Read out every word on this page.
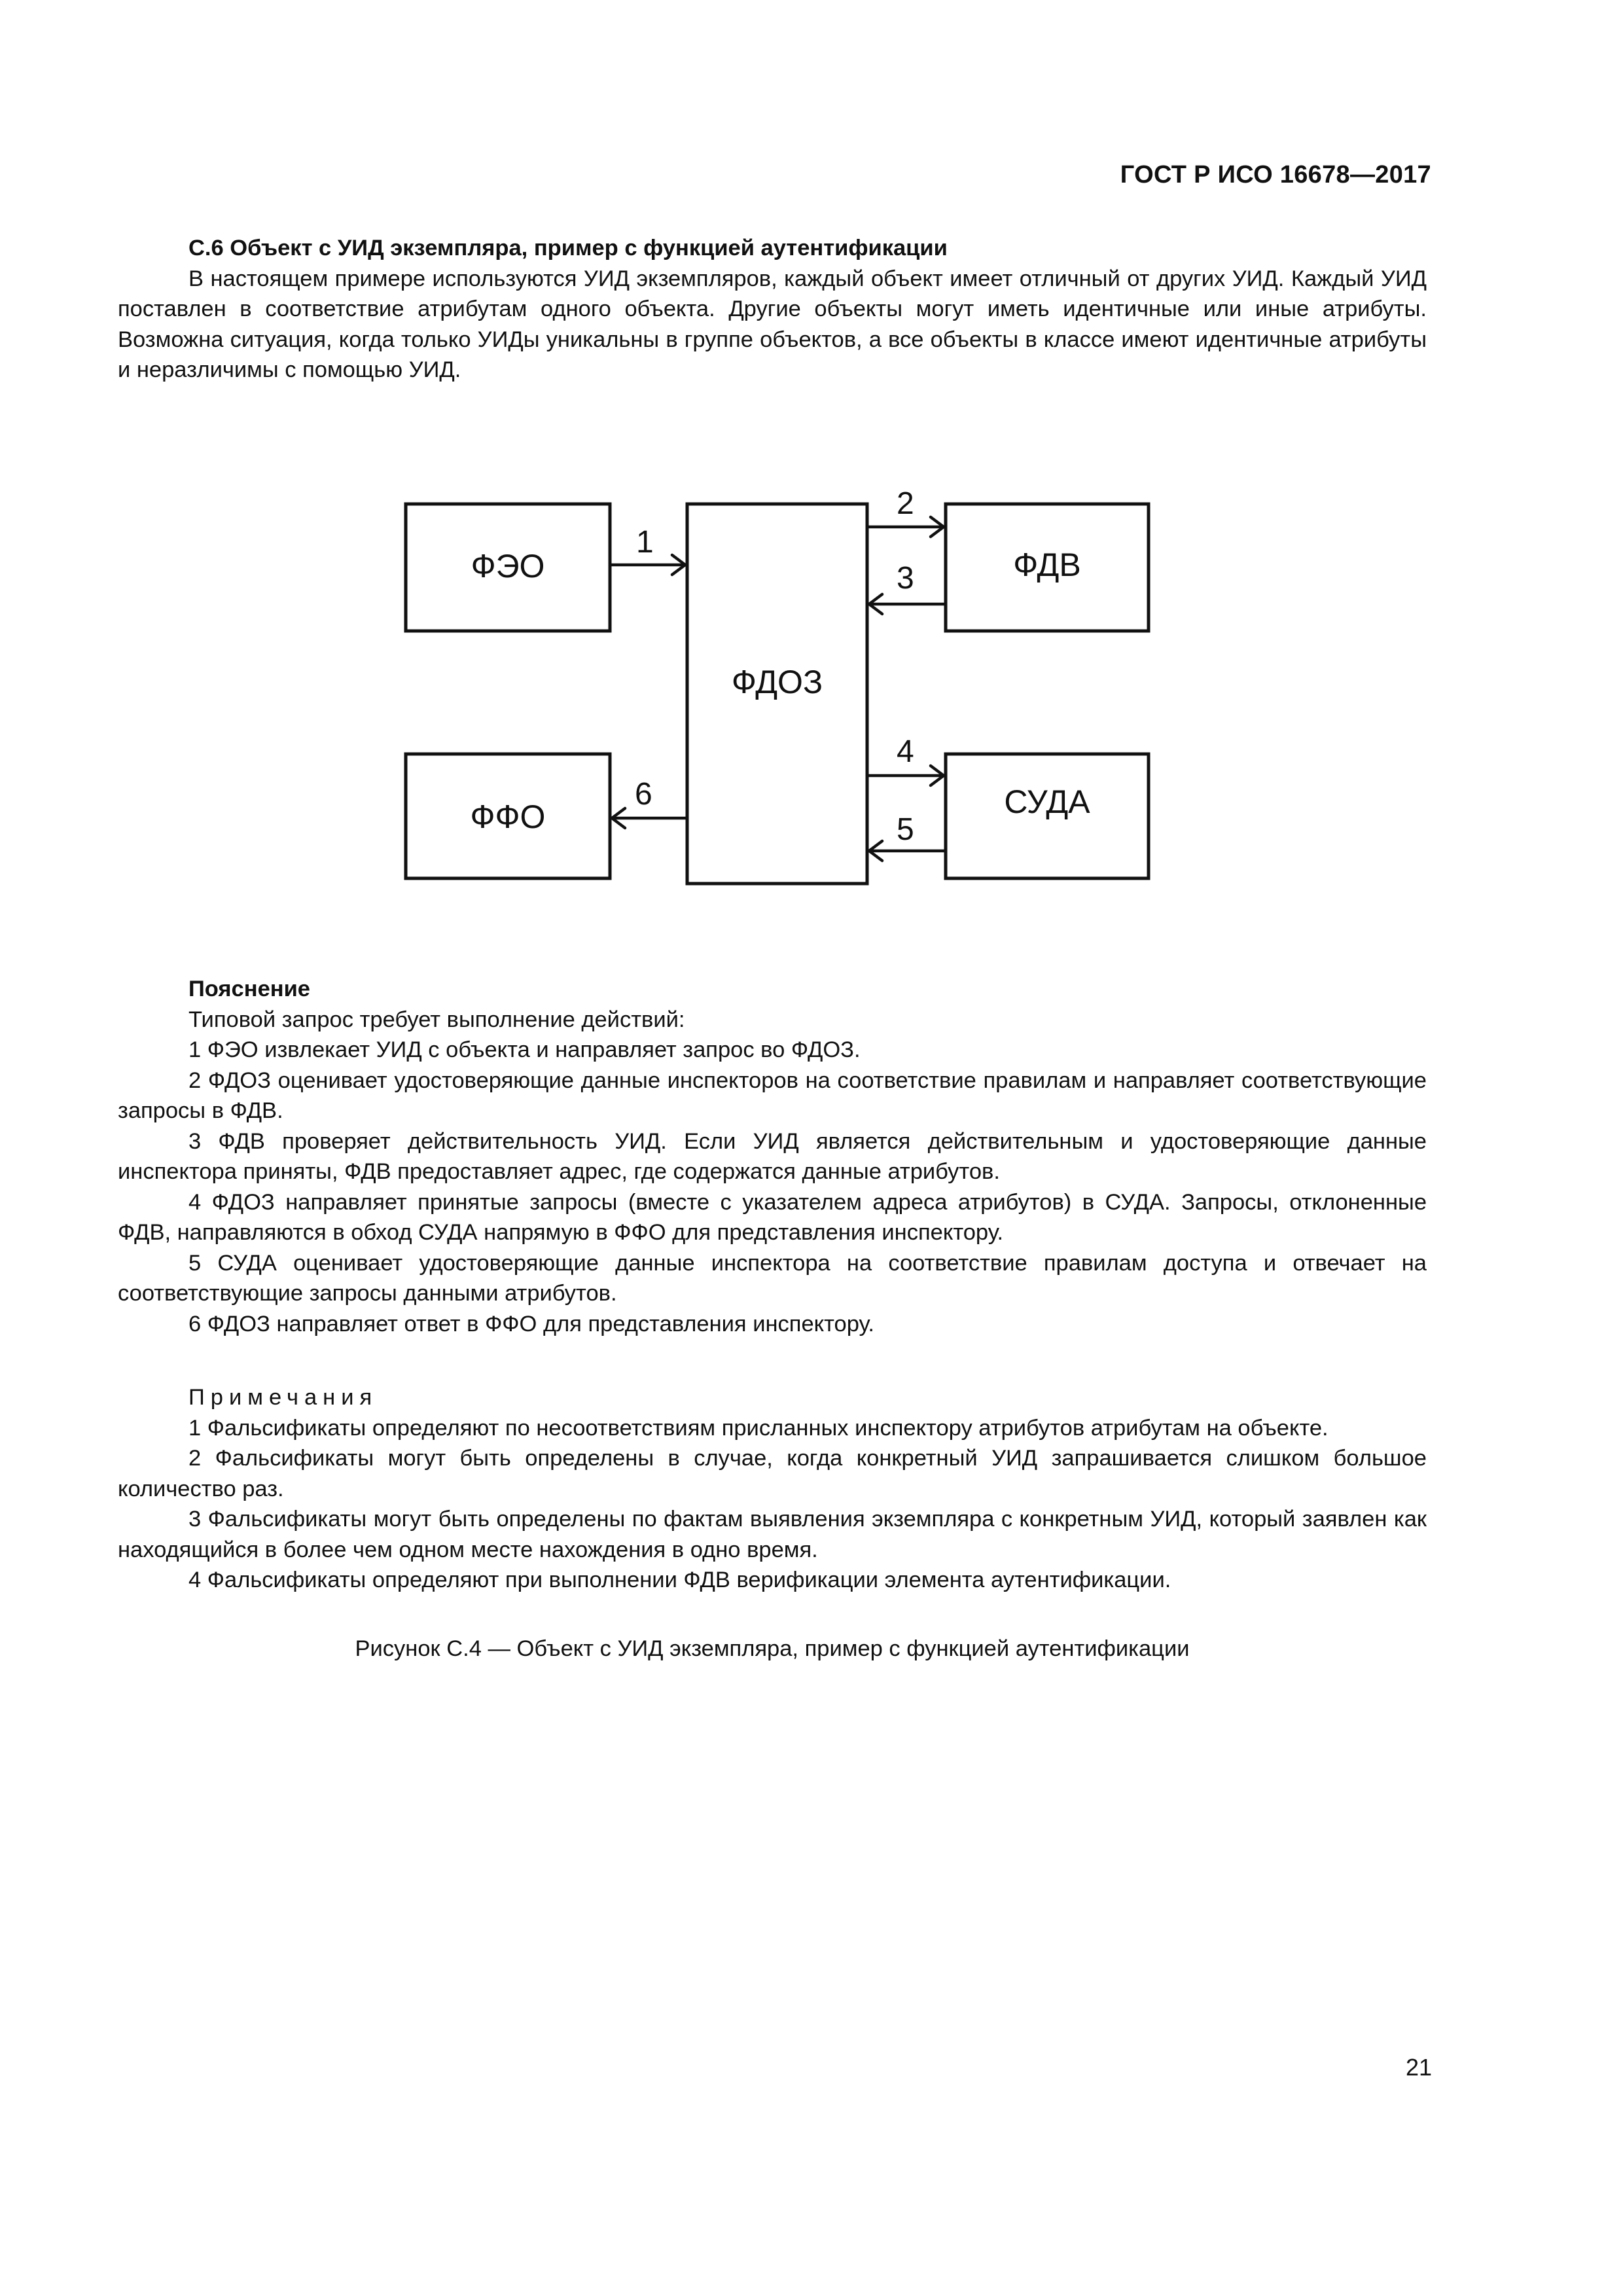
ГОСТ Р ИСО 16678—2017

С.6 Объект с УИД экземпляра, пример с функцией аутентификации

В настоящем примере используются УИД экземпляров, каждый объект имеет отличный от других УИД. Каждый УИД поставлен в соответствие атрибутам одного объекта. Другие объекты могут иметь идентичные или иные атрибуты. Возможна ситуация, когда только УИДы уникальны в группе объектов, а все объекты в классе имеют идентичные атрибуты и неразличимы с помощью УИД.

ФЭО
ФФО
ФДОЗ
ФДВ
СУДА
1
2
3
4
5
6

Пояснение

Типовой запрос требует выполнение действий:

1 ФЭО извлекает УИД с объекта и направляет запрос во ФДОЗ.

2 ФДОЗ оценивает удостоверяющие данные инспекторов на соответствие правилам и направляет соответствующие запросы в ФДВ.

3 ФДВ проверяет действительность УИД. Если УИД является действительным и удостоверяющие данные инспектора приняты, ФДВ предоставляет адрес, где содержатся данные атрибутов.

4 ФДОЗ направляет принятые запросы (вместе с указателем адреса атрибутов) в СУДА. Запросы, отклоненные ФДВ, направляются в обход СУДА напрямую в ФФО для представления инспектору.

5 СУДА оценивает удостоверяющие данные инспектора на соответствие правилам доступа и отвечает на соответствующие запросы данными атрибутов.

6 ФДОЗ направляет ответ в ФФО для представления инспектору.

Примечания

1 Фальсификаты определяют по несоответствиям присланных инспектору атрибутов атрибутам на объекте.

2 Фальсификаты могут быть определены в случае, когда конкретный УИД запрашивается слишком большое количество раз.

3 Фальсификаты могут быть определены по фактам выявления экземпляра с конкретным УИД, который заявлен как находящийся в более чем одном месте нахождения в одно время.

4 Фальсификаты определяют при выполнении ФДВ верификации элемента аутентификации.

Рисунок С.4 — Объект с УИД экземпляра, пример с функцией аутентификации
21
